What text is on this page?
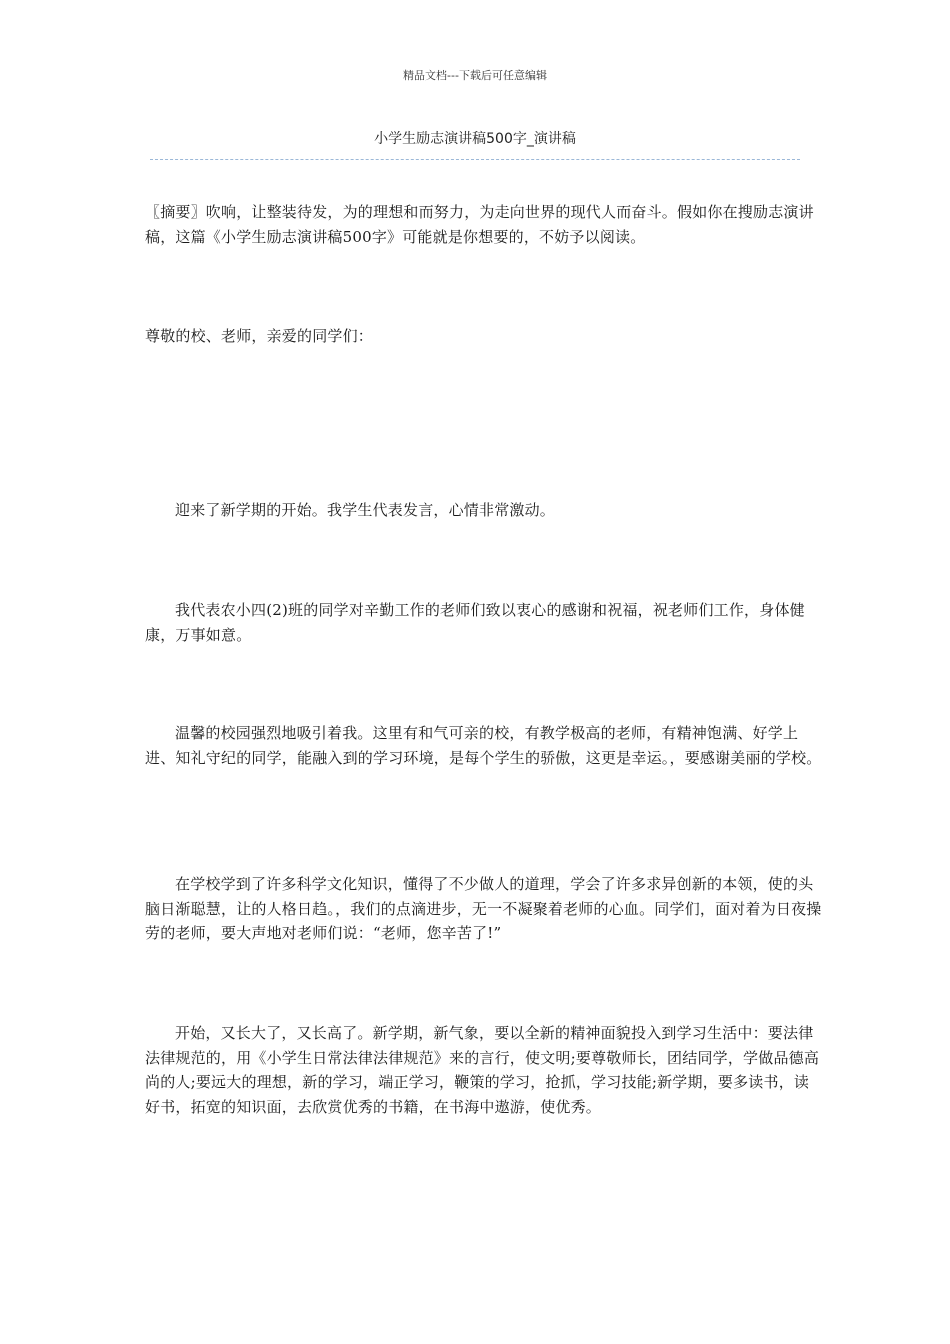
精品文档---下载后可任意编辑
小学生励志演讲稿500字_演讲稿
〖摘要〗吹响，让整装待发，为的理想和而努力，为走向世界的现代人而奋斗。假如你在搜励志演讲稿，这篇《小学生励志演讲稿500字》可能就是你想要的，不妨予以阅读。
尊敬的校、老师，亲爱的同学们：
迎来了新学期的开始。我学生代表发言，心情非常激动。
我代表农小四(2)班的同学对辛勤工作的老师们致以衷心的感谢和祝福，祝老师们工作，身体健康，万事如意。
温馨的校园强烈地吸引着我。这里有和气可亲的校，有教学极高的老师，有精神饱满、好学上进、知礼守纪的同学，能融入到的学习环境，是每个学生的骄傲，这更是幸运。，要感谢美丽的学校。
在学校学到了许多科学文化知识，懂得了不少做人的道理，学会了许多求异创新的本领，使的头脑日渐聪慧，让的人格日趋。，我们的点滴进步，无一不凝聚着老师的心血。同学们，面对着为日夜操劳的老师，要大声地对老师们说：“老师，您辛苦了!”
开始，又长大了，又长高了。新学期，新气象，要以全新的精神面貌投入到学习生活中：要法律法律规范的，用《小学生日常法律法律规范》来的言行，使文明;要尊敬师长，团结同学，学做品德高尚的人;要远大的理想，新的学习，端正学习，鞭策的学习，抢抓，学习技能;新学期，要多读书，读好书，拓宽的知识面，去欣赏优秀的书籍，在书海中遨游，使优秀。
